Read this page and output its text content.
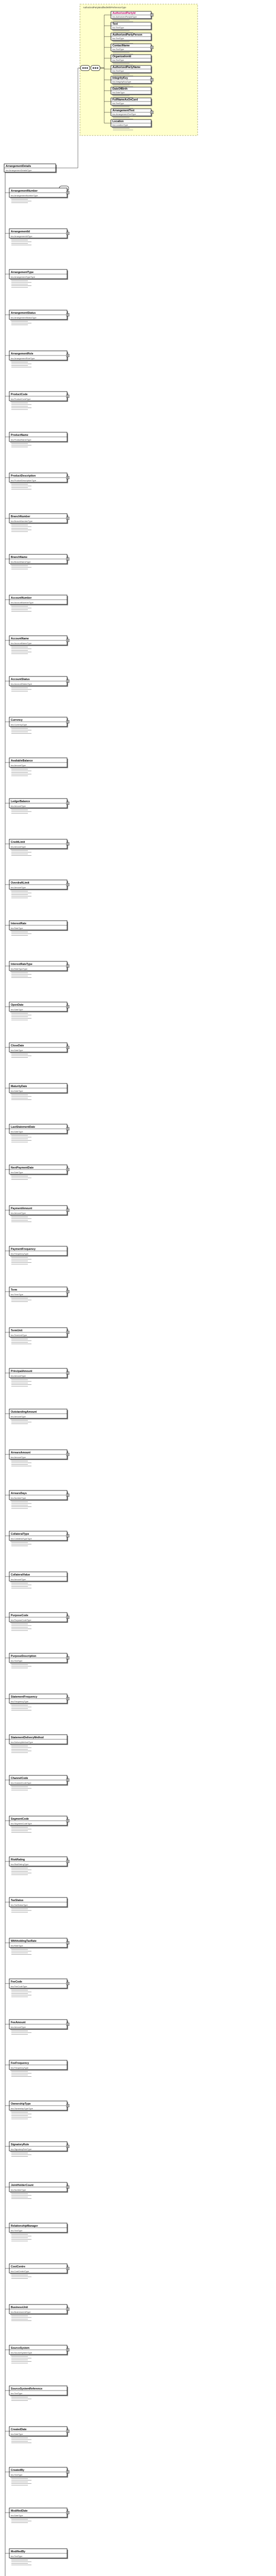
AuthorizedPartyModifiedWithPreferenceType
AuthorizedPartyId
tns:AuthorizedPartyIdType
Text
tns:TextType
AuthorizedPartyPerson
tns:TextType
ContactName
tns:TextType
OrganizationId
tns:TextType
AuthorizedPartyName
tns:TextType
IntegrityKey
tns:IntegrityKeyType
DateOfBirth
tns:DateType
FullNameAsOnCard
tns:TextType
ArrangementText
tns:ArrangementTextType
Location
tns:LocationType
ArrangementDetails
tns:ArrangementDetailsType
ArrangementNumber
tns:ArrangementNumberType
ArrangementId
tns:ArrangementIdType
ArrangementType
tns:ArrangementTypeType
ArrangementStatus
tns:ArrangementStatusType
ArrangementRole
tns:ArrangementRoleType
ProductCode
tns:ProductCodeType
ProductName
tns:ProductNameType
ProductDescription
tns:ProductDescriptionType
BranchNumber
tns:BranchNumberType
BranchName
tns:BranchNameType
AccountNumber
tns:AccountNumberType
AccountName
tns:AccountNameType
AccountStatus
tns:AccountStatusType
Currency
tns:CurrencyType
AvailableBalance
tns:AmountType
LedgerBalance
tns:AmountType
CreditLimit
tns:AmountType
OverdraftLimit
tns:AmountType
InterestRate
tns:RateType
InterestRateType
tns:RateTypeType
OpenDate
tns:DateType
CloseDate
tns:DateType
MaturityDate
tns:DateType
LastStatementDate
tns:DateType
NextPaymentDate
tns:DateType
PaymentAmount
tns:AmountType
PaymentFrequency
tns:FrequencyType
Term
tns:TermType
TermUnit
tns:TermUnitType
PrincipalAmount
tns:AmountType
OutstandingAmount
tns:AmountType
ArrearsAmount
tns:AmountType
ArrearsDays
tns:NumberType
CollateralType
tns:CollateralTypeType
CollateralValue
tns:AmountType
PurposeCode
tns:PurposeCodeType
PurposeDescription
tns:TextType
StatementFrequency
tns:FrequencyType
StatementDeliveryMethod
tns:DeliveryMethodType
ChannelCode
tns:ChannelCodeType
SegmentCode
tns:SegmentCodeType
RiskRating
tns:RiskRatingType
TaxStatus
tns:TaxStatusType
WithholdingTaxRate
tns:RateType
FeeCode
tns:FeeCodeType
FeeAmount
tns:AmountType
FeeFrequency
tns:FrequencyType
OwnershipType
tns:OwnershipTypeType
SignatoryRule
tns:SignatoryRuleType
JointHolderCount
tns:NumberType
RelationshipManager
tns:TextType
CostCentre
tns:CostCentreType
BusinessUnit
tns:BusinessUnitType
SourceSystem
tns:SourceSystemType
SourceSystemReference
tns:TextType
CreatedDate
tns:DateType
CreatedBy
tns:TextType
ModifiedDate
tns:DateType
ModifiedBy
tns:TextType
